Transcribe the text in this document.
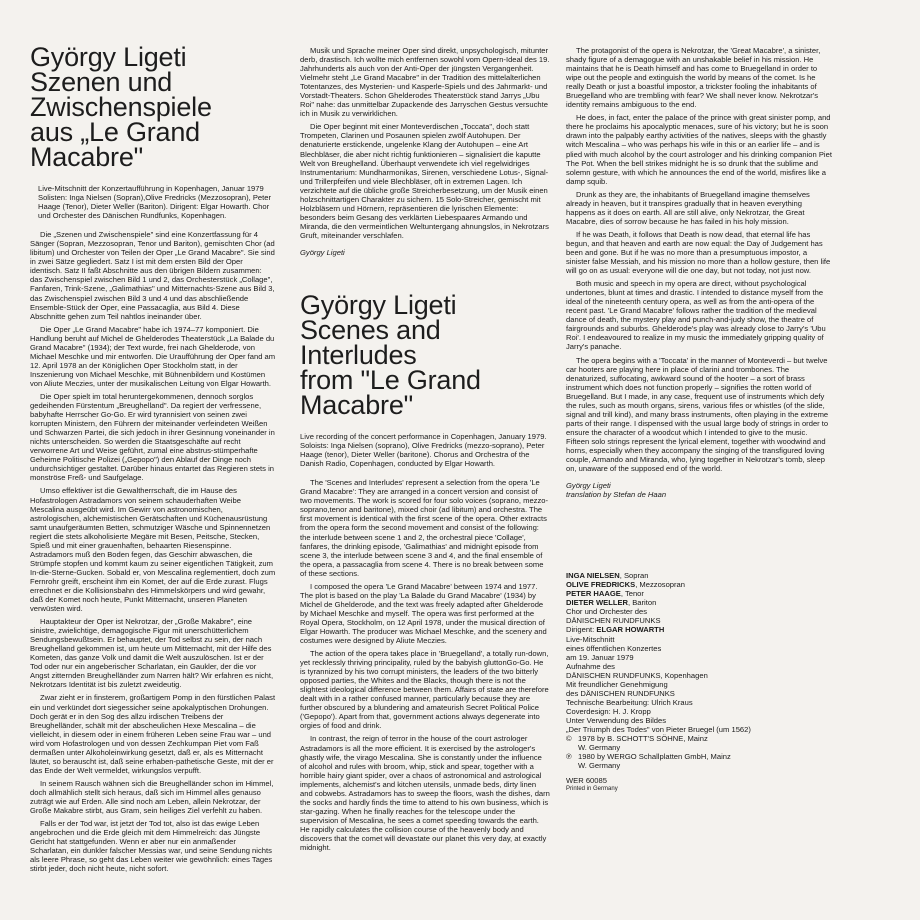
György Ligeti
Szenen und Zwischenspiele
aus „Le Grand Macabre"

Live-Mitschnitt der Konzertaufführung in Kopenhagen, Januar 1979
Solisten: Inga Nielsen (Sopran),Olive Fredricks (Mezzosopran), Peter Haage (Tenor), Dieter Weller (Bariton). Dirigent: Elgar Howarth. Chor und Orchester des Dänischen Rundfunks, Kopenhagen.

Die „Szenen und Zwischenspiele" sind eine Konzertfassung für 4 Sänger (Sopran, Mezzosopran, Tenor und Bariton), gemischten Chor (ad libitum) und Orchester von Teilen der Oper „Le Grand Macabre". Sie sind in zwei Sätze gegliedert. Satz I ist mit dem ersten Bild der Oper identisch. Satz II faßt Abschnitte aus den übrigen Bildern zusammen: das Zwischenspiel zwischen Bild 1 und 2, das Orchesterstück „Collage", Fanfaren, Trink-Szene, „Galimathias" und Mitternachts-Szene aus Bild 3, das Zwischenspiel zwischen Bild 3 und 4 und das abschließende Ensemble-Stück der Oper, eine Passacaglia, aus Bild 4. Diese Abschnitte gehen zum Teil nahtlos ineinander über.

Die Oper „Le Grand Macabre" habe ich 1974–77 komponiert. Die Handlung beruht auf Michel de Ghelderodes Theaterstück „La Balade du Grand Macabre" (1934); der Text wurde, frei nach Ghelderode, von Michael Meschke und mir entworfen. Die Uraufführung der Oper fand am 12. April 1978 an der Königlichen Oper Stockholm statt, in der Inszenierung von Michael Meschke, mit Bühnenbildern und Kostümen von Aliute Meczies, unter der musikalischen Leitung von Elgar Howarth.

Die Oper spielt im total heruntergekommenen, dennoch sorglos gedeihenden Fürstentum „Breughelland". Da regiert der verfressene, babyhafte Herrscher Go-Go. Er wird tyrannisiert von seinen zwei korrupten Ministern, den Führern der miteinander verfeindeten Weißen und Schwarzen Partei, die sich jedoch in ihrer Gesinnung voneinander in nichts unterscheiden. So werden die Staatsgeschäfte auf recht verworrene Art und Weise geführt, zumal eine abstrus-stümperhafte Geheime Politische Polizei („Gepopo") den Ablauf der Dinge noch undurchsichtiger gestaltet. Darüber hinaus entartet das Regieren stets in monströse Freß- und Saufgelage.

Umso effektiver ist die Gewaltherrschaft, die im Hause des Hofastrologen Astradamors von seinem schauderhaften Weibe Mescalina ausgeübt wird. Im Gewirr von astronomischen, astrologischen, alchemistischen Gerätschaften und Küchenausrüstung samt unaufgeräumten Betten, schmutziger Wäsche und Spinnennetzen regiert die stets alkoholisierte Megäre mit Besen, Peitsche, Stecken, Spieß und mit einer grauenhaften, behaarten Riesenspinne. Astradamors muß den Boden fegen, das Geschirr abwaschen, die Strümpfe stopfen und kommt kaum zu seiner eigentlichen Tätigkeit, zum In-die-Sterne-Gucken. Sobald er, von Mescalina reglementiert, doch zum Fernrohr greift, erscheint ihm ein Komet, der auf die Erde zurast. Flugs errechnet er die Kollisionsbahn des Himmelskörpers und wird gewahr, daß der Komet noch heute, Punkt Mitternacht, unseren Planeten verwüsten wird.

Hauptakteur der Oper ist Nekrotzar, der „Große Makabre", eine sinistre, zwielichtige, demagogische Figur mit unerschütterlichem Sendungsbewußtsein. Er behauptet, der Tod selbst zu sein, der nach Breughelland gekommen ist, um heute um Mitternacht, mit der Hilfe des Kometen, das ganze Volk und damit die Welt auszulöschen. Ist er der Tod oder nur ein angeberischer Scharlatan, ein Gaukler, der die vor Angst zitternden Breughelländer zum Narren hält? Wir erfahren es nicht, Nekrotzars Identität ist bis zuletzt zweideutig.

Zwar zieht er in finsterem, großartigem Pomp in den fürstlichen Palast ein und verkündet dort siegessicher seine apokalyptischen Drohungen. Doch gerät er in den Sog des allzu irdischen Treibens der Breughelländer, schält mit der abscheulichen Hexe Mescalina – die vielleicht, in diesem oder in einem früheren Leben seine Frau war – und wird vom Hofastrologen und von dessen Zechkumpan Piet vom Faß dermaßen unter Alkoholeinwirkung gesetzt, daß er, als es Mitternacht läutet, so berauscht ist, daß seine erhaben-pathetische Geste, mit der er das Ende der Welt vermeldet, wirkungslos verpufft.

In seinem Rausch wähnen sich die Breughelländer schon im Himmel, doch allmählich stellt sich heraus, daß sich im Himmel alles genauso zuträgt wie auf Erden. Alle sind noch am Leben, allein Nekrotzar, der Große Makabre stirbt, aus Gram, sein heiliges Ziel verfehlt zu haben.

Falls er der Tod war, ist jetzt der Tod tot, also ist das ewige Leben angebrochen und die Erde gleich mit dem Himmelreich: das Jüngste Gericht hat stattgefunden. Wenn er aber nur ein anmaßender Scharlatan, ein dunkler falscher Messias war, und seine Sendung nichts als leere Phrase, so geht das Leben weiter wie gewöhnlich: eines Tages stirbt jeder, doch nicht heute, nicht sofort.

Musik und Sprache meiner Oper sind direkt, unpsychologisch, mitunter derb, drastisch. Ich wollte mich entfernen sowohl vom Opern-Ideal des 19. Jahrhunderts als auch von der Anti-Oper der jüngsten Vergangenheit. Vielmehr steht „Le Grand Macabre" in der Tradition des mittelalterlichen Totentanzes, des Mysterien- und Kasperle-Spiels und des Jahrmarkt- und Vorstadt-Theaters. Schon Ghelderodes Theaterstück stand Jarrys „Ubu Roi" nahe: das unmittelbar Zupackende des Jarryschen Gestus versuchte ich in Musik zu verwirklichen.

Die Oper beginnt mit einer Monteverdischen „Toccata", doch statt Trompeten, Clarinen und Posaunen spielen zwölf Autohupen. Der denaturierte erstickende, ungelenke Klang der Autohupen – eine Art Blechbläser, die aber nicht richtig funktionieren – signalisiert die kaputte Welt von Breughelland. Überhaupt verwendete ich viel regelwidriges Instrumentarium: Mundharmonikas, Sirenen, verschiedene Lotus-, Signal- und Trillerpfeifen und viele Blechbläser, oft in extremen Lagen. Ich verzichtete auf die übliche große Streicherbesetzung, um der Musik einen holzschnittartigen Charakter zu sichern. 15 Solo-Streicher, gemischt mit Holzbläsern und Hörnern, repräsentieren die lyrischen Elemente: besonders beim Gesang des verklärten Liebespaares Armando und Miranda, die den vermeintlichen Weltuntergang ahnungslos, in Nekrotzars Gruft, miteinander verschlafen.

György Ligeti

György Ligeti
Scenes and Interludes
from "Le Grand Macabre"

Live recording of the concert performance in Copenhagen, January 1979. Soloists: Inga Nielsen (soprano), Olive Fredricks (mezzo-soprano), Peter Haage (tenor), Dieter Weller (baritone). Chorus and Orchestra of the Danish Radio, Copenhagen, conducted by Elgar Howarth.

The 'Scenes and Interludes' represent a selection from the opera 'Le Grand Macabre': They are arranged in a concert version and consist of two movements. The work is scored for four solo voices (soprano, mezzo-soprano,tenor and baritone), mixed choir (ad libitum) and orchestra. The first movement is identical with the first scene of the opera. Other extracts from the opera form the second movement and consist of the following: the interlude between scene 1 and 2, the orchestral piece 'Collage', fanfares, the drinking episode, 'Galimathias' and midnight episode from scene 3, the interlude between scene 3 and 4, and the final ensemble of the opera, a passacaglia from scene 4. There is no break between some of these sections.

I composed the opera 'Le Grand Macabre' between 1974 and 1977. The plot is based on the play 'La Balade du Grand Macabre' (1934) by Michel de Ghelderode, and the text was freely adapted after Ghelderode by Michael Meschke and myself. The opera was first performed at the Royal Opera, Stockholm, on 12 April 1978, under the musical direction of Elgar Howarth. The producer was Michael Meschke, and the scenery and costumes were designed by Aliute Meczies.

The action of the opera takes place in 'Bruegelland', a totally run-down, yet recklessly thriving principality, ruled by the babyish gluttonGo-Go. He is tyrannized by his two corrupt ministers, the leaders of the two bitterly opposed parties, the Whites and the Blacks, though there is not the slightest ideological difference between them. Affairs of state are therefore dealt with in a rather confused manner, particularly because they are further obscured by a blundering and amateurish Secret Political Police ('Gepopo'). Apart from that, government actions always degenerate into orgies of food and drink.

In contrast, the reign of terror in the house of the court astrologer Astradamors is all the more efficient. It is exercised by the astrologer's ghastly wife, the virago Mescalina. She is constantly under the influence of alcohol and rules with broom, whip, stick and spear, together with a horrible hairy giant spider, over a chaos of astronomical and astrological implements, alchemist's and kitchen utensils, unmade beds, dirty linen and cobwebs. Astradamors has to sweep the floors, wash the dishes, darn the socks and hardly finds the time to attend to his own business, which is star-gazing. When he finally reaches for the telescope under the supervision of Mescalina, he sees a comet speeding towards the earth. He rapidly calculates the collision course of the heavenly body and discovers that the comet will devastate our planet this very day, at exactly midnight.

The protagonist of the opera is Nekrotzar, the 'Great Macabre', a sinister, shady figure of a demagogue with an unshakable belief in his mission. He maintains that he is Death himself and has come to Bruegelland in order to wipe out the people and extinguish the world by means of the comet. Is he really Death or just a boastful impostor, a trickster fooling the inhabitants of Bruegelland who are trembling with fear? We shall never know. Nekrotzar's identity remains ambiguous to the end.

He does, in fact, enter the palace of the prince with great sinister pomp, and there he proclaims his apocalyptic menaces, sure of his victory; but he is soon drawn into the palpably earthy activities of the natives, sleeps with the ghastly witch Mescalina – who was perhaps his wife in this or an earlier life – and is plied with much alcohol by the court astrologer and his drinking companion Piet The Pot. When the bell strikes midnight he is so drunk that the sublime and solemn gesture, with which he announces the end of the world, misfires like a damp squib.

Drunk as they are, the inhabitants of Bruegelland imagine themselves already in heaven, but it transpires gradually that in heaven everything happens as it does on earth. All are still alive, only Nekrotzar, the Great Macabre, dies of sorrow because he has failed in his holy mission.

If he was Death, it follows that Death is now dead, that eternal life has begun, and that heaven and earth are now equal: the Day of Judgement has been and gone. But if he was no more than a presumptuous impostor, a sinister false Messiah, and his mission no more than a hollow gesture, then life will go on as usual: everyone will die one day, but not today, not just now.

Both music and speech in my opera are direct, without psychological undertones, blunt at times and drastic. I intended to distance myself from the ideal of the nineteenth century opera, as well as from the anti-opera of the recent past. 'Le Grand Macabre' follows rather the tradition of the medieval dance of death, the mystery play and punch-and-judy show, the theatre of fairgrounds and suburbs. Ghelderode's play was already close to Jarry's 'Ubu Roi'. I endeavoured to realize in my music the immediately gripping quality of Jarry's panache.

The opera begins with a 'Toccata' in the manner of Monteverdi – but twelve car hooters are playing here in place of clarini and trombones. The denaturized, suffocating, awkward sound of the hooter – a sort of brass instrument which does not function properly – signifies the rotten world of Bruegelland. But I made, in any case, frequent use of instruments which defy the rules, such as mouth organs, sirens, various fifes or whistles (of the slide, signal and trill kind), and many brass instruments, often playing in the extreme parts of their range. I dispensed with the usual large body of strings in order to ensure the character of a woodcut which I intended to give to the music. Fifteen solo strings represent the lyrical element, together with woodwind and horns, especially when they accompany the singing of the transfigured loving couple, Armando and Miranda, who, lying together in Nekrotzar's tomb, sleep on, unaware of the supposed end of the world.

György Ligeti
translation by Stefan de Haan

INGA NIELSEN, Sopran

OLIVE FREDRICKS, Mezzosopran

PETER HAAGE, Tenor

DIETER WELLER, Bariton

Chor und Orchester des

DÄNISCHEN RUNDFUNKS

Dirigent: ELGAR HOWARTH

Live-Mitschnitt

eines öffentlichen Konzertes

am 19. Januar 1979

Aufnahme des

DÄNISCHEN RUNDFUNKS, Kopenhagen

Mit freundlicher Genehmigung

des DÄNISCHEN RUNDFUNKS

Technische Bearbeitung: Ulrich Kraus

Coverdesign: H. J. Kropp

Unter Verwendung des Bildes

„Der Triumph des Todes" von Pieter Bruegel (um 1562)

© 1978 by B. SCHOTT'S SÖHNE, Mainz

W. Germany

℗ 1980 by WERGO Schallplatten GmbH, Mainz

W. Germany

WER 60085

Printed in Germany
